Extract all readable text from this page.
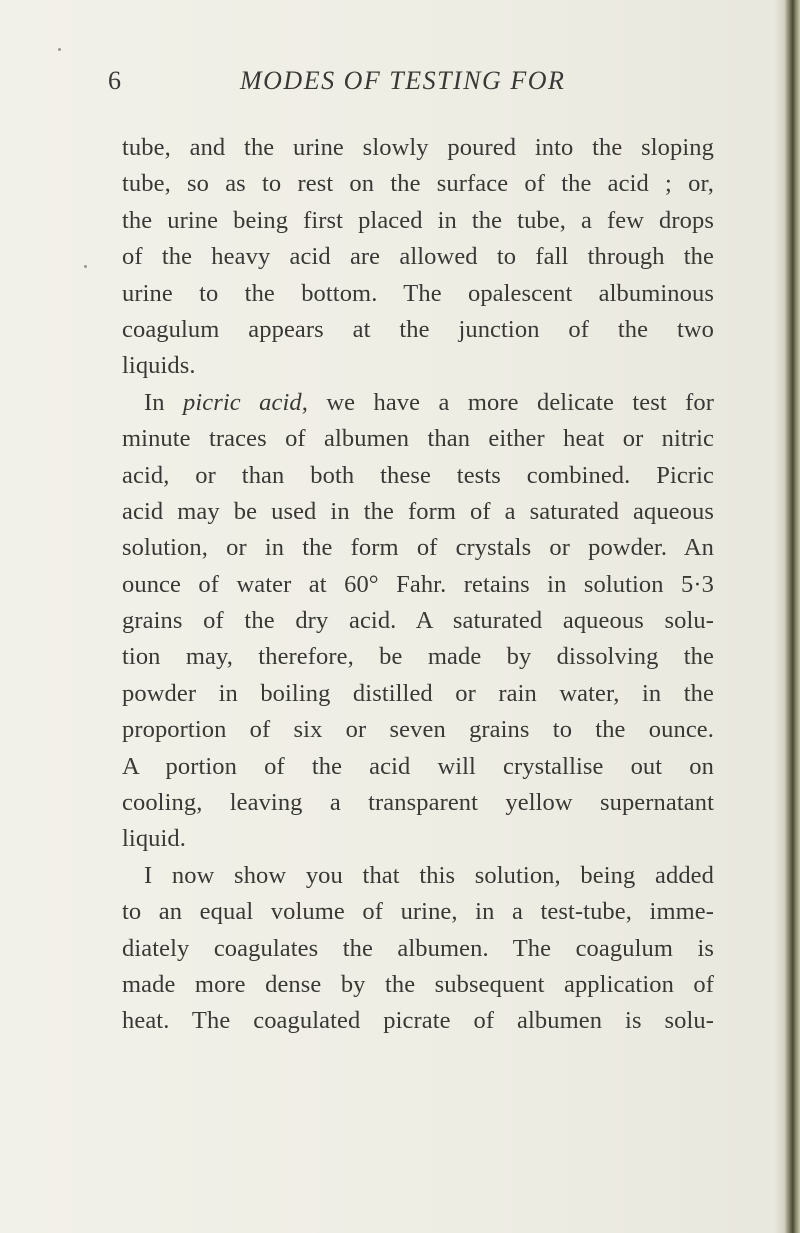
6	MODES OF TESTING FOR
tube, and the urine slowly poured into the sloping
tube, so as to rest on the surface of the acid ; or,
the urine being first placed in the tube, a few drops
of the heavy acid are allowed to fall through the
urine to the bottom. The opalescent albuminous
coagulum appears at the junction of the two
liquids.
In picric acid, we have a more delicate test for
minute traces of albumen than either heat or nitric
acid, or than both these tests combined. Picric
acid may be used in the form of a saturated aqueous
solution, or in the form of crystals or powder. An
ounce of water at 60° Fahr. retains in solution 5·3
grains of the dry acid. A saturated aqueous solu-
tion may, therefore, be made by dissolving the
powder in boiling distilled or rain water, in the
proportion of six or seven grains to the ounce.
A portion of the acid will crystallise out on
cooling, leaving a transparent yellow supernatant
liquid.
I now show you that this solution, being added
to an equal volume of urine, in a test-tube, imme-
diately coagulates the albumen. The coagulum is
made more dense by the subsequent application of
heat. The coagulated picrate of albumen is solu-
